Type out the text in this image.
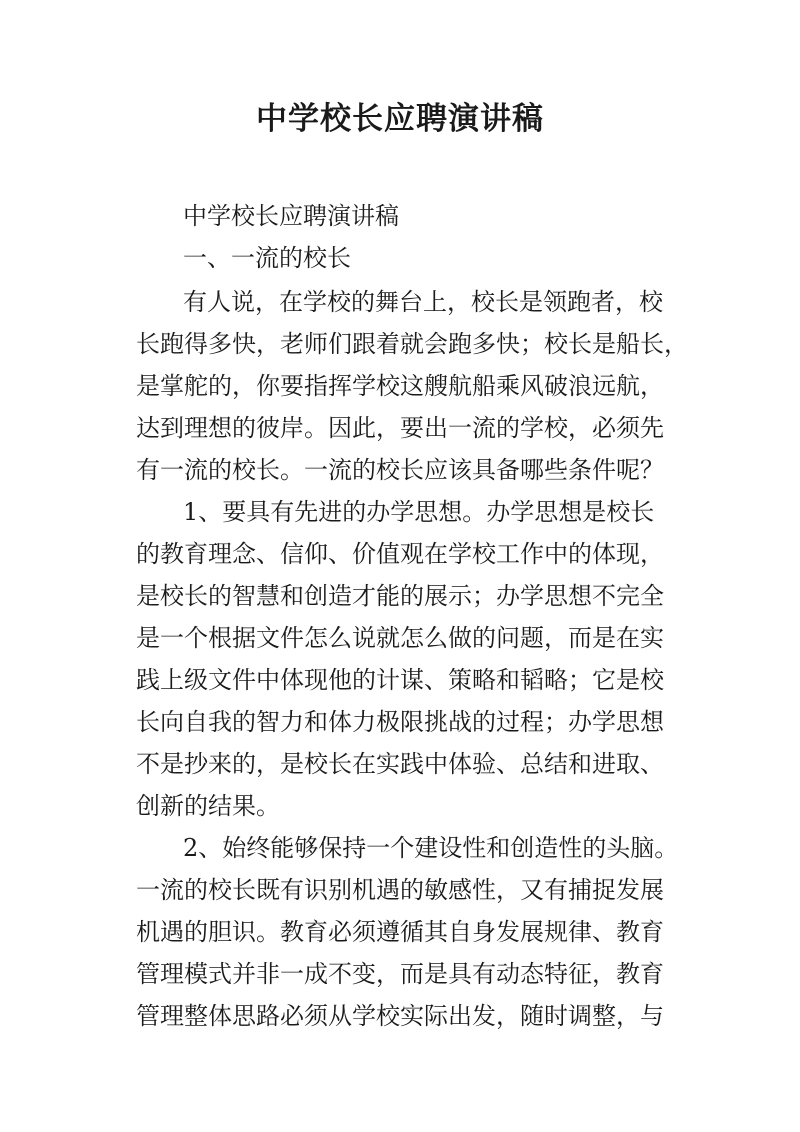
中学校长应聘演讲稿

中学校长应聘演讲稿

一、一流的校长

有人说，在学校的舞台上，校长是领跑者，校

长跑得多快，老师们跟着就会跑多快；校长是船长，

是掌舵的，你要指挥学校这艘航船乘风破浪远航，

达到理想的彼岸。因此，要出一流的学校，必须先

有一流的校长。一流的校长应该具备哪些条件呢？

1、要具有先进的办学思想。办学思想是校长

的教育理念、信仰、价值观在学校工作中的体现，

是校长的智慧和创造才能的展示；办学思想不完全

是一个根据文件怎么说就怎么做的问题，而是在实

践上级文件中体现他的计谋、策略和韬略；它是校

长向自我的智力和体力极限挑战的过程；办学思想

不是抄来的，是校长在实践中体验、总结和进取、

创新的结果。

2、始终能够保持一个建设性和创造性的头脑。

一流的校长既有识别机遇的敏感性，又有捕捉发展

机遇的胆识。教育必须遵循其自身发展规律、教育

管理模式并非一成不变，而是具有动态特征，教育

管理整体思路必须从学校实际出发，随时调整，与
